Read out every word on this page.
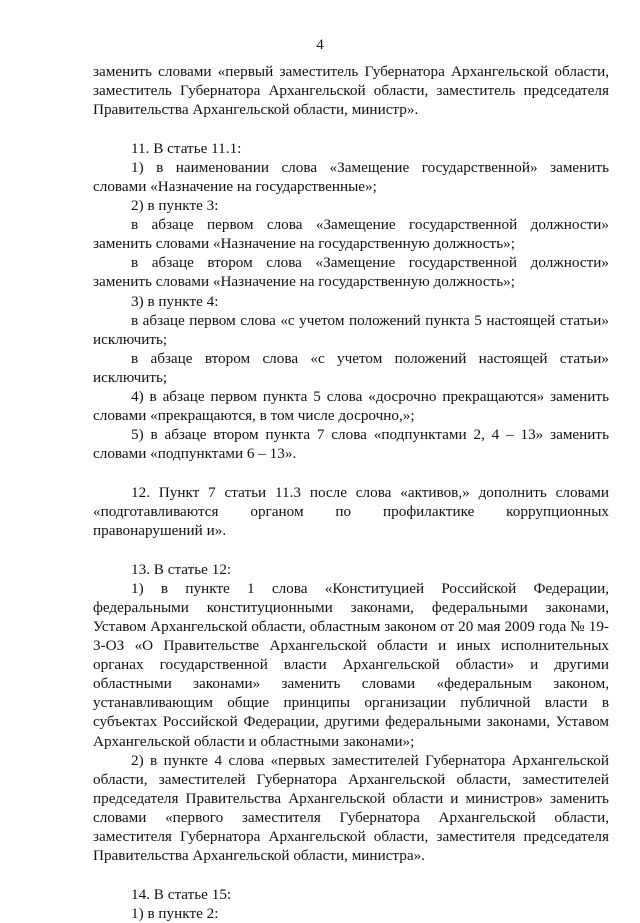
4

заменить словами «первый заместитель Губернатора Архангельской области, заместитель Губернатора Архангельской области, заместитель председателя Правительства Архангельской области, министр».

11. В статье 11.1:

1) в наименовании слова «Замещение государственной» заменить словами «Назначение на государственные»;

2) в пункте 3:

в абзаце первом слова «Замещение государственной должности» заменить словами «Назначение на государственную должность»;

в абзаце втором слова «Замещение государственной должности» заменить словами «Назначение на государственную должность»;

3) в пункте 4:

в абзаце первом слова «с учетом положений пункта 5 настоящей статьи» исключить;

в абзаце втором слова «с учетом положений настоящей статьи» исключить;

4) в абзаце первом пункта 5 слова «досрочно прекращаются» заменить словами «прекращаются, в том числе досрочно,»;

5) в абзаце втором пункта 7 слова «подпунктами 2, 4 – 13» заменить словами «подпунктами 6 – 13».

12. Пункт 7 статьи 11.3 после слова «активов,» дополнить словами «подготавливаются органом по профилактике коррупционных правонарушений и».

13. В статье 12:

1) в пункте 1 слова «Конституцией Российской Федерации, федеральными конституционными законами, федеральными законами, Уставом Архангельской области, областным законом от 20 мая 2009 года № 19-3-ОЗ «О Правительстве Архангельской области и иных исполнительных органах государственной власти Архангельской области» и другими областными законами» заменить словами «федеральным законом, устанавливающим общие принципы организации публичной власти в субъектах Российской Федерации, другими федеральными законами, Уставом Архангельской области и областными законами»;

2) в пункте 4 слова «первых заместителей Губернатора Архангельской области, заместителей Губернатора Архангельской области, заместителей председателя Правительства Архангельской области и министров» заменить словами «первого заместителя Губернатора Архангельской области, заместителя Губернатора Архангельской области, заместителя председателя Правительства Архангельской области, министра».

14. В статье 15:

1) в пункте 2:
